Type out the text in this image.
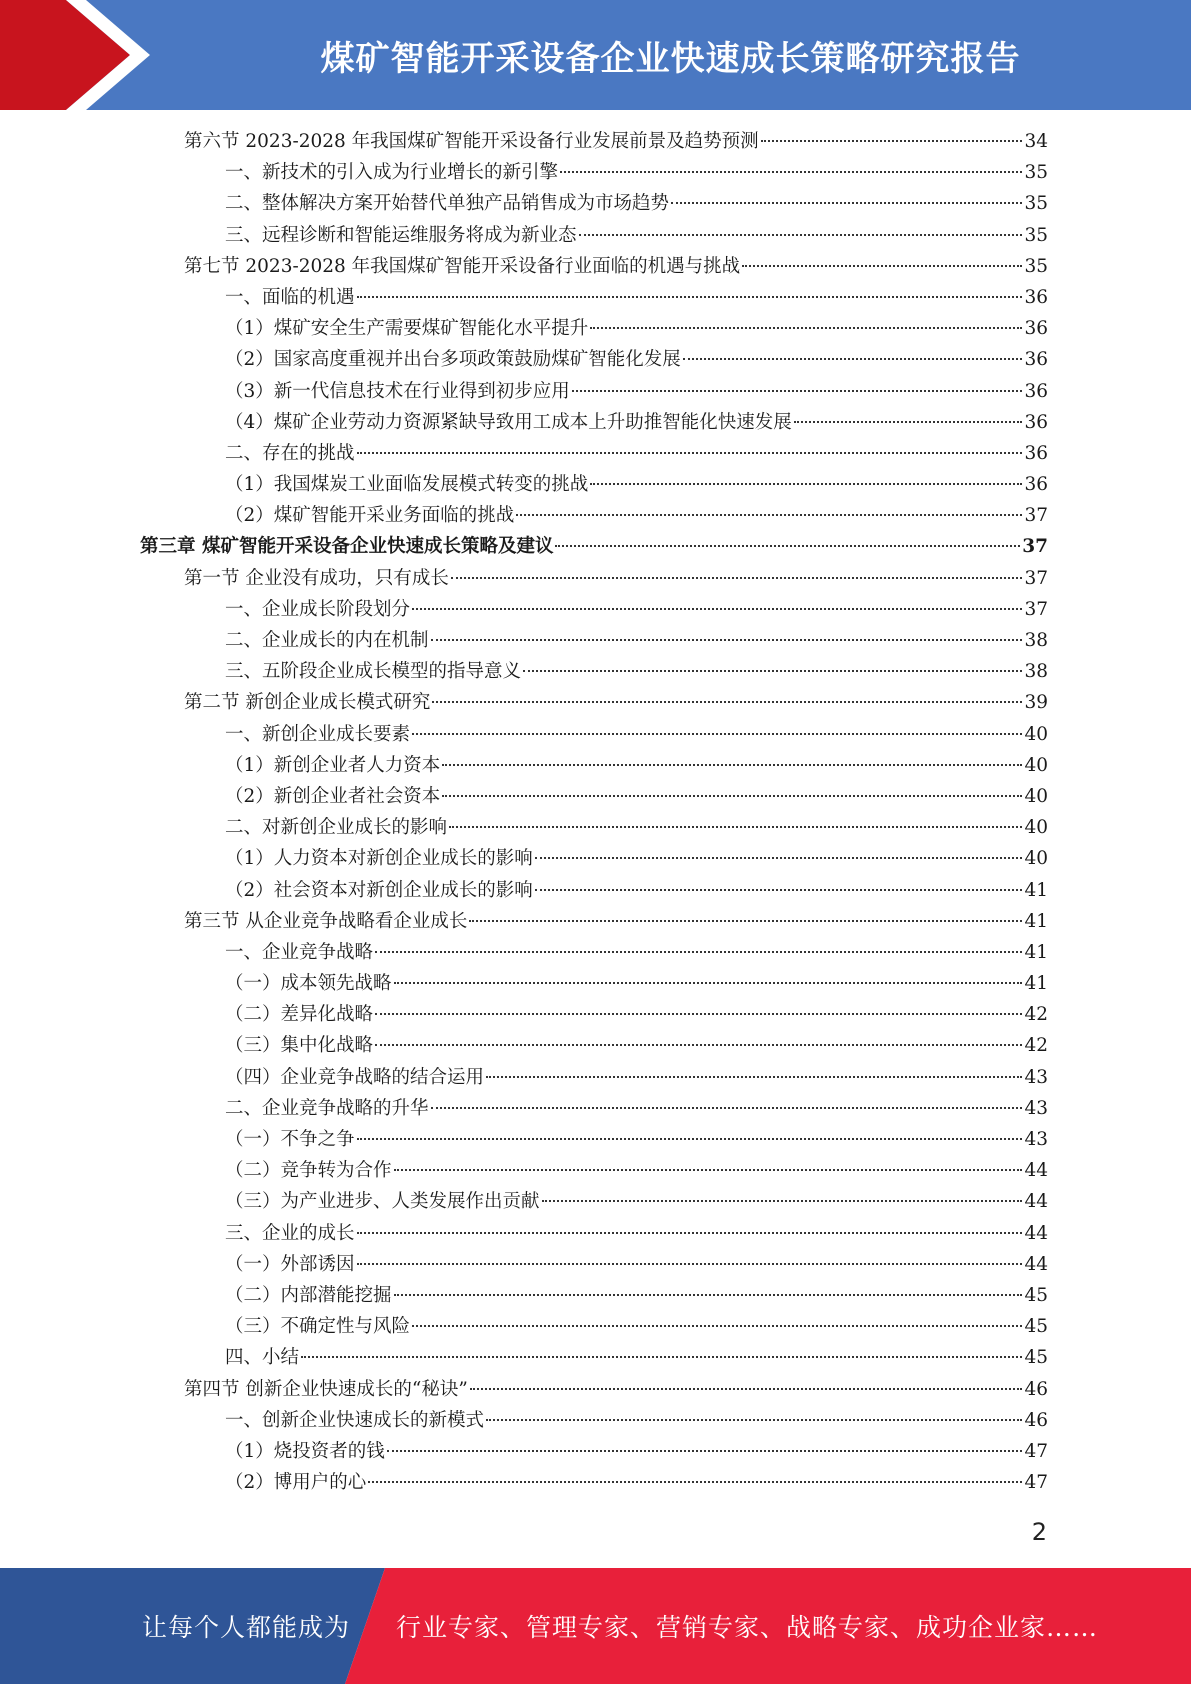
煤矿智能开采设备企业快速成长策略研究报告
第六节 2023-2028 年我国煤矿智能开采设备行业发展前景及趋势预测	34
一、新技术的引入成为行业增长的新引擎	35
二、整体解决方案开始替代单独产品销售成为市场趋势	35
三、远程诊断和智能运维服务将成为新业态	35
第七节 2023-2028 年我国煤矿智能开采设备行业面临的机遇与挑战	35
一、面临的机遇	36
（1）煤矿安全生产需要煤矿智能化水平提升	36
（2）国家高度重视并出台多项政策鼓励煤矿智能化发展	36
（3）新一代信息技术在行业得到初步应用	36
（4）煤矿企业劳动力资源紧缺导致用工成本上升助推智能化快速发展	36
二、存在的挑战	36
（1）我国煤炭工业面临发展模式转变的挑战	36
（2）煤矿智能开采业务面临的挑战	37
第三章 煤矿智能开采设备企业快速成长策略及建议	37
第一节 企业没有成功，只有成长	37
一、企业成长阶段划分	37
二、企业成长的内在机制	38
三、五阶段企业成长模型的指导意义	38
第二节 新创企业成长模式研究	39
一、新创企业成长要素	40
（1）新创企业者人力资本	40
（2）新创企业者社会资本	40
二、对新创企业成长的影响	40
（1）人力资本对新创企业成长的影响	40
（2）社会资本对新创企业成长的影响	41
第三节 从企业竞争战略看企业成长	41
一、企业竞争战略	41
（一）成本领先战略	41
（二）差异化战略	42
（三）集中化战略	42
（四）企业竞争战略的结合运用	43
二、企业竞争战略的升华	43
（一）不争之争	43
（二）竞争转为合作	44
（三）为产业进步、人类发展作出贡献	44
三、企业的成长	44
（一）外部诱因	44
（二）内部潜能挖掘	45
（三）不确定性与风险	45
四、小结	45
第四节 创新企业快速成长的“秘诀”	46
一、创新企业快速成长的新模式	46
（1）烧投资者的钱	47
（2）博用户的心	47
2
让每个人都能成为 行业专家、管理专家、营销专家、战略专家、成功企业家……
